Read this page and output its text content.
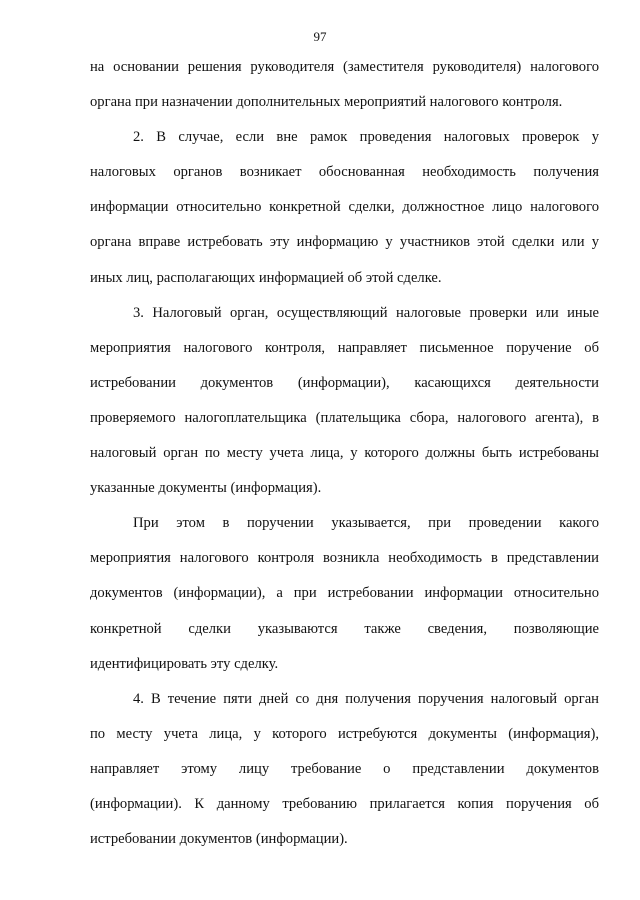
97
на основании решения руководителя (заместителя руководителя) налогового
органа при назначении дополнительных мероприятий налогового контроля.
2. В случае, если вне рамок проведения налоговых проверок у
налоговых органов возникает обоснованная необходимость получения
информации относительно конкретной сделки, должностное лицо налогового
органа вправе истребовать эту информацию у участников этой сделки или у
иных лиц, располагающих информацией об этой сделке.
3. Налоговый орган, осуществляющий налоговые проверки или иные
мероприятия налогового контроля, направляет письменное поручение об
истребовании документов (информации), касающихся деятельности
проверяемого налогоплательщика (плательщика сбора, налогового агента), в
налоговый орган по месту учета лица, у которого должны быть истребованы
указанные документы (информация).
При этом в поручении указывается, при проведении какого
мероприятия налогового контроля возникла необходимость в представлении
документов (информации), а при истребовании информации относительно
конкретной сделки указываются также сведения, позволяющие
идентифицировать эту сделку.
4. В течение пяти дней со дня получения поручения налоговый орган
по месту учета лица, у которого истребуются документы (информация),
направляет этому лицу требование о представлении документов
(информации). К данному требованию прилагается копия поручения об
истребовании документов (информации).
